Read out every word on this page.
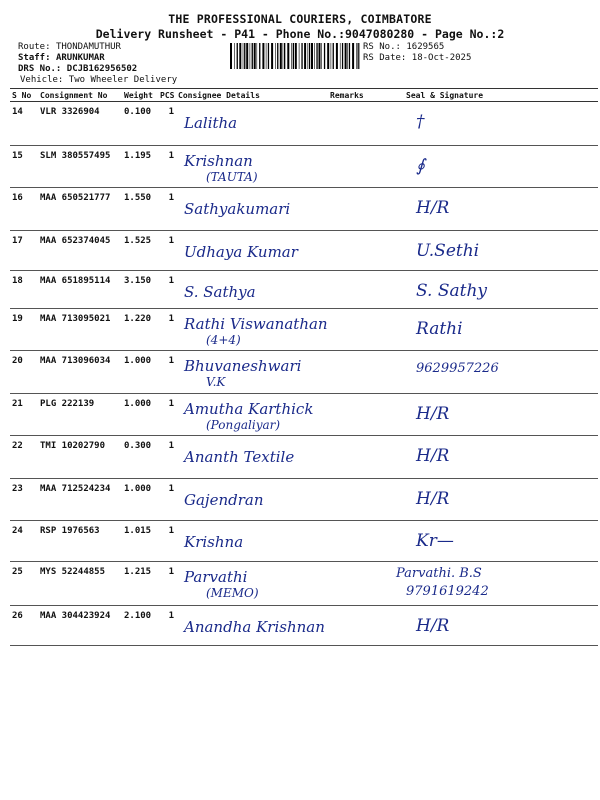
THE PROFESSIONAL COURIERS, COIMBATORE
Delivery Runsheet - P41 - Phone No.:9047080280 - Page No.:2
Route: THONDAMUTHUR
Staff: ARUNKUMAR
DRS No.: DCJB162956502
Vehicle: Two Wheeler Delivery
RS No.: 1629565
RS Date: 18-Oct-2025
S No	Consignment No	Weight	PCS	Consignee Details	Remarks	Seal & Signature

14	VLR 3326904	0.100	1	Lalitha		†

15	SLM 380557495	1.195	1	Krishnan
(TAUTA)		∮

16	MAA 650521777	1.550	1	Sathyakumari		H/R

17	MAA 652374045	1.525	1	Udhaya Kumar		U.Sethi

18	MAA 651895114	3.150	1	S. Sathya		S. Sathy

19	MAA 713095021	1.220	1	Rathi Viswanathan
(4+4)		Rathi

20	MAA 713096034	1.000	1	Bhuvaneshwari
V.K		9629957226

21	PLG 222139	1.000	1	Amutha Karthick
(Pongaliyar)		H/R

22	TMI 10202790	0.300	1	Ananth Textile		H/R

23	MAA 712524234	1.000	1	Gajendran		H/R

24	RSP 1976563	1.015	1	Krishna		Kr—

25	MYS 52244855	1.215	1	Parvathi
(MEMO)		Parvathi. B.S
9791619242

26	MAA 304423924	2.100	1	Anandha Krishnan		H/R
